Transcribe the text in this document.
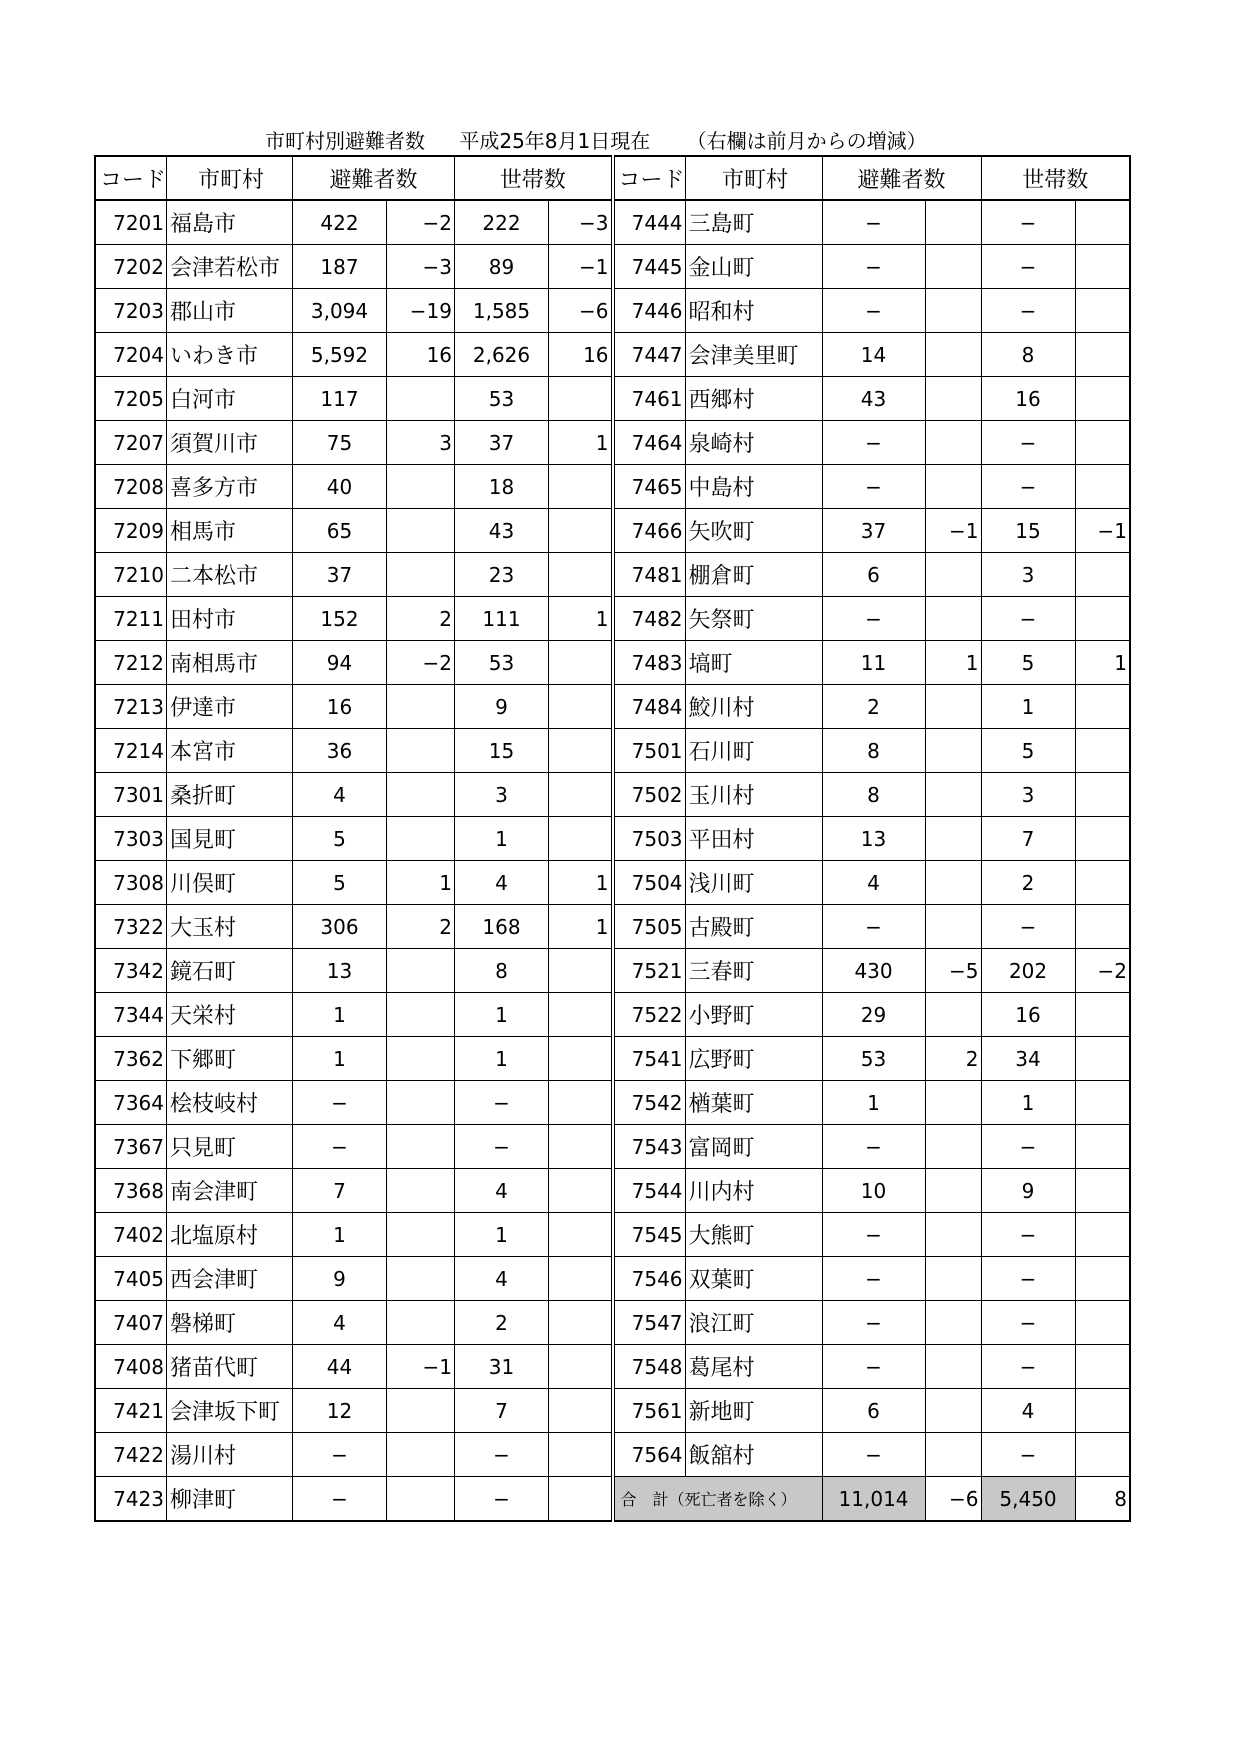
市町村別避難者数 平成25年8月1日現在 （右欄は前月からの増減）
コード	市町村	避難者数		世帯数		コード	市町村	避難者数		世帯数	
7201	福島市	422	−2	222	−3	7444	三島町	−		−	
7202	会津若松市	187	−3	89	−1	7445	金山町	−		−	
7203	郡山市	3,094	−19	1,585	−6	7446	昭和村	−		−	
7204	いわき市	5,592	16	2,626	16	7447	会津美里町	14		8	
7205	白河市	117		53		7461	西郷村	43		16	
7207	須賀川市	75	3	37	1	7464	泉崎村	−		−	
7208	喜多方市	40		18		7465	中島村	−		−	
7209	相馬市	65		43		7466	矢吹町	37	−1	15	−1
7210	二本松市	37		23		7481	棚倉町	6		3	
7211	田村市	152	2	111	1	7482	矢祭町	−		−	
7212	南相馬市	94	−2	53		7483	塙町	11	1	5	1
7213	伊達市	16		9		7484	鮫川村	2		1	
7214	本宮市	36		15		7501	石川町	8		5	
7301	桑折町	4		3		7502	玉川村	8		3	
7303	国見町	5		1		7503	平田村	13		7	
7308	川俣町	5	1	4	1	7504	浅川町	4		2	
7322	大玉村	306	2	168	1	7505	古殿町	−		−	
7342	鏡石町	13		8		7521	三春町	430	−5	202	−2
7344	天栄村	1		1		7522	小野町	29		16	
7362	下郷町	1		1		7541	広野町	53	2	34	
7364	桧枝岐村	−		−		7542	楢葉町	1		1	
7367	只見町	−		−		7543	富岡町	−		−	
7368	南会津町	7		4		7544	川内村	10		9	
7402	北塩原村	1		1		7545	大熊町	−		−	
7405	西会津町	9		4		7546	双葉町	−		−	
7407	磐梯町	4		2		7547	浪江町	−		−	
7408	猪苗代町	44	−1	31		7548	葛尾村	−		−	
7421	会津坂下町	12		7		7561	新地町	6		4	
7422	湯川村	−		−		7564	飯舘村	−		−	
7423	柳津町	−		−		合　計（死亡者を除く）		11,014	−6	5,450	8
